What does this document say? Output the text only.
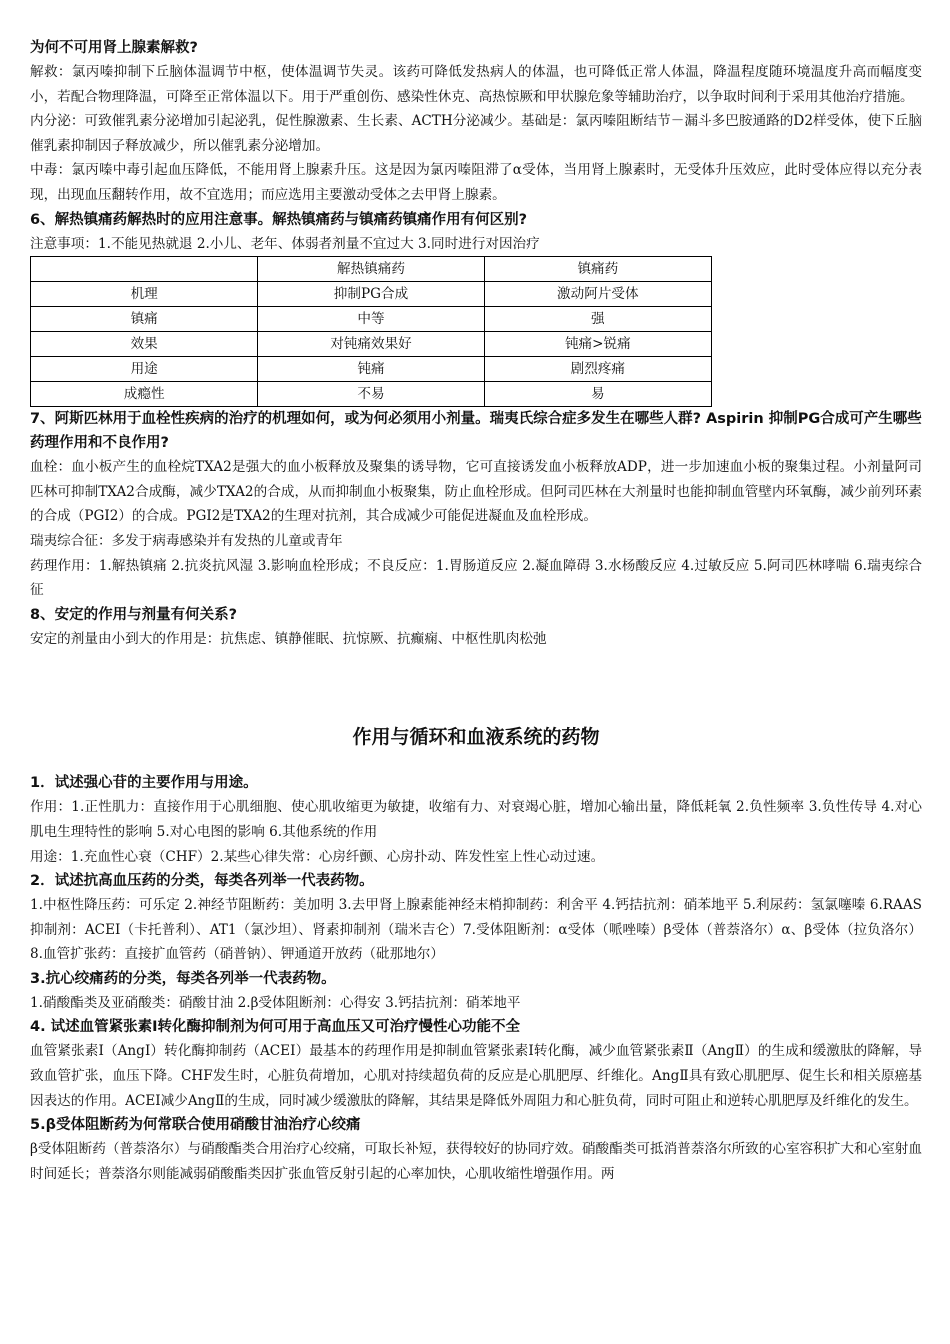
为何不可用肾上腺素解救?

解救：氯丙嗪抑制下丘脑体温调节中枢，使体温调节失灵。该药可降低发热病人的体温，也可降低正常人体温，降温程度随环境温度升高而幅度变小，若配合物理降温，可降至正常体温以下。用于严重创伤、感染性休克、高热惊厥和甲状腺危象等辅助治疗，以争取时间利于采用其他治疗措施。

内分泌：可致催乳素分泌增加引起泌乳，促性腺激素、生长素、ACTH分泌减少。基础是：氯丙嗪阻断结节－漏斗多巴胺通路的D2样受体，使下丘脑催乳素抑制因子释放减少，所以催乳素分泌增加。

中毒：氯丙嗪中毒引起血压降低，不能用肾上腺素升压。这是因为氯丙嗪阻滞了α受体，当用肾上腺素时，无受体升压效应，此时受体应得以充分表现，出现血压翻转作用，故不宜选用；而应选用主要激动受体之去甲肾上腺素。

6、解热镇痛药解热时的应用注意事。解热镇痛药与镇痛药镇痛作用有何区别?

注意事项：1.不能见热就退 2.小儿、老年、体弱者剂量不宜过大 3.同时进行对因治疗

	解热镇痛药	镇痛药
机理	抑制PG合成	激动阿片受体
镇痛	中等	强
效果	对钝痛效果好	钝痛>锐痛
用途	钝痛	剧烈疼痛
成瘾性	不易	易

7、阿斯匹林用于血栓性疾病的治疗的机理如何，或为何必须用小剂量。瑞夷氏综合症多发生在哪些人群? Aspirin 抑制PG合成可产生哪些药理作用和不良作用?

血栓：血小板产生的血栓烷TXA2是强大的血小板释放及聚集的诱导物，它可直接诱发血小板释放ADP，进一步加速血小板的聚集过程。小剂量阿司匹林可抑制TXA2合成酶，减少TXA2的合成，从而抑制血小板聚集，防止血栓形成。但阿司匹林在大剂量时也能抑制血管壁内环氧酶，减少前列环素的合成（PGI2）的合成。PGI2是TXA2的生理对抗剂，其合成减少可能促进凝血及血栓形成。

瑞夷综合征：多发于病毒感染并有发热的儿童或青年

药理作用：1.解热镇痛 2.抗炎抗风湿 3.影响血栓形成；不良反应：1.胃肠道反应 2.凝血障碍 3.水杨酸反应 4.过敏反应 5.阿司匹林哮喘 6.瑞夷综合征

8、安定的作用与剂量有何关系?

安定的剂量由小到大的作用是：抗焦虑、镇静催眠、抗惊厥、抗癫痫、中枢性肌肉松弛

作用与循环和血液系统的药物

1．试述强心苷的主要作用与用途。

作用：1.正性肌力：直接作用于心肌细胞、使心肌收缩更为敏捷，收缩有力、对衰竭心脏，增加心输出量，降低耗氧 2.负性频率 3.负性传导 4.对心肌电生理特性的影响 5.对心电图的影响 6.其他系统的作用

用途：1.充血性心衰（CHF）2.某些心律失常：心房纤颤、心房扑动、阵发性室上性心动过速。

2．试述抗高血压药的分类，每类各列举一代表药物。

1.中枢性降压药：可乐定 2.神经节阻断药：美加明 3.去甲肾上腺素能神经末梢抑制药：利舍平 4.钙拮抗剂：硝苯地平 5.利尿药：氢氯噻嗪 6.RAAS抑制剂：ACEI（卡托普利）、AT1（氯沙坦）、肾素抑制剂（瑞米吉仑）7.受体阻断剂：α受体（哌唑嗪）β受体（普萘洛尔）α、β受体（拉负洛尔）8.血管扩张药：直接扩血管药（硝普钠）、钾通道开放药（砒那地尔）

3.抗心绞痛药的分类，每类各列举一代表药物。

1.硝酸酯类及亚硝酸类：硝酸甘油 2.β受体阻断剂：心得安 3.钙拮抗剂：硝苯地平

4. 试述血管紧张素Ⅰ转化酶抑制剂为何可用于高血压又可治疗慢性心功能不全

血管紧张素Ⅰ（AngⅠ）转化酶抑制药（ACEⅠ）最基本的药理作用是抑制血管紧张素Ⅰ转化酶，减少血管紧张素Ⅱ（AngⅡ）的生成和缓激肽的降解，导致血管扩张，血压下降。CHF发生时，心脏负荷增加，心肌对持续超负荷的反应是心肌肥厚、纤维化。AngⅡ具有致心肌肥厚、促生长和相关原癌基因表达的作用。ACEⅠ减少AngⅡ的生成，同时减少缓激肽的降解，其结果是降低外周阻力和心脏负荷，同时可阻止和逆转心肌肥厚及纤维化的发生。

5.β受体阻断药为何常联合使用硝酸甘油治疗心绞痛

β受体阻断药（普萘洛尔）与硝酸酯类合用治疗心绞痛，可取长补短，获得较好的协同疗效。硝酸酯类可抵消普萘洛尔所致的心室容积扩大和心室射血时间延长；普萘洛尔则能减弱硝酸酯类因扩张血管反射引起的心率加快，心肌收缩性增强作用。两
